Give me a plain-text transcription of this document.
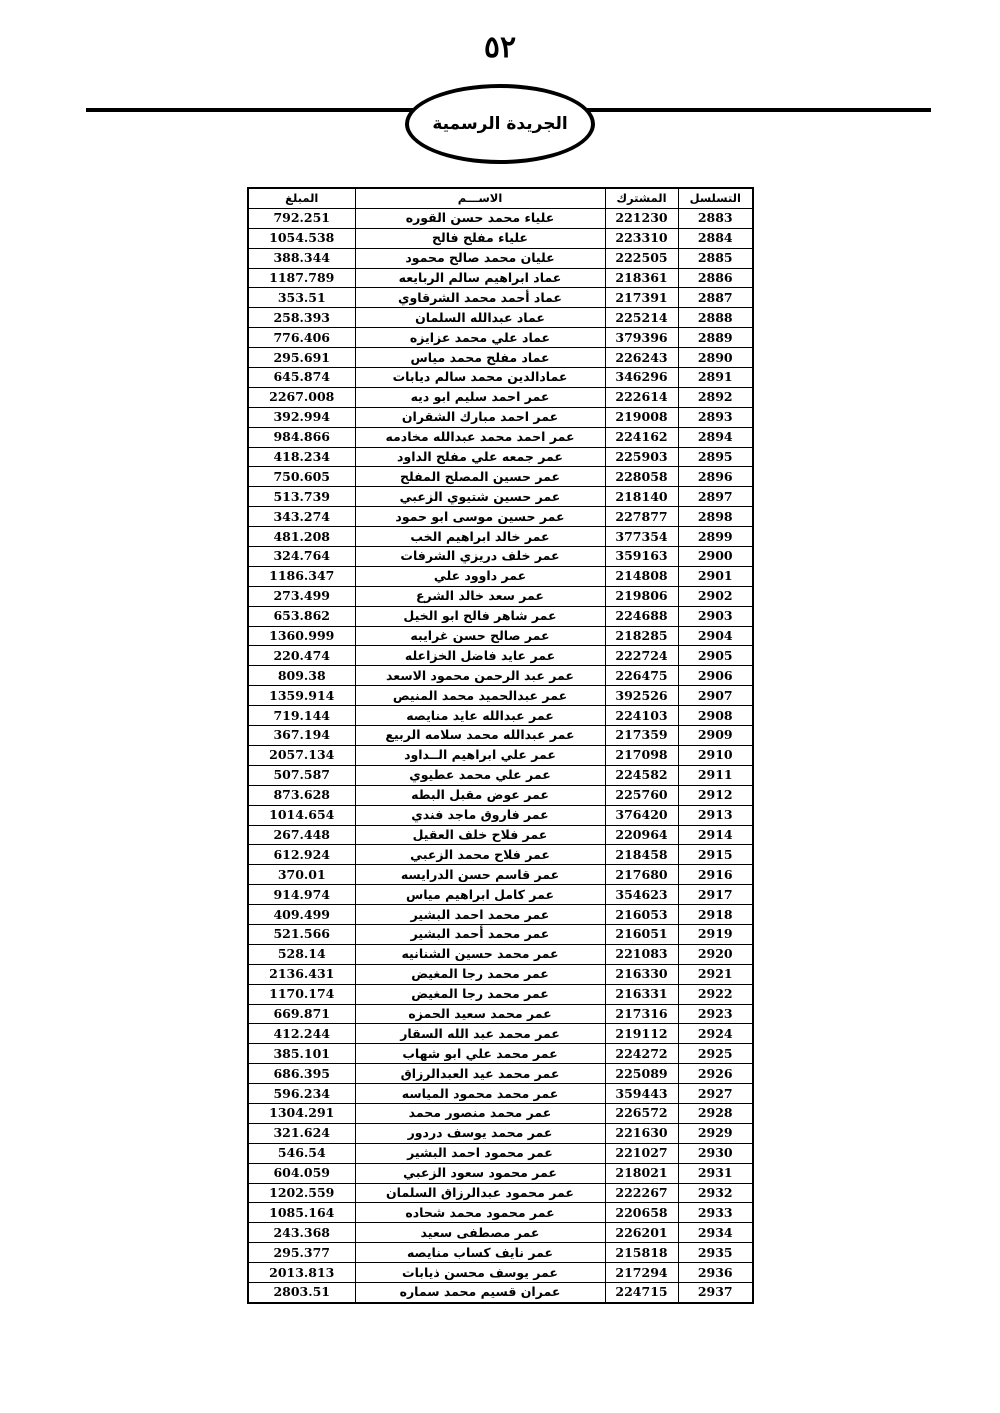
٥٢
الجريدة الرسمية
المبلغ	الاســـم	المشترك	التسلسل
792.251	علياء محمد حسن القوره	221230	2883
1054.538	علياء مفلح فالح	223310	2884
388.344	عليان محمد صالح محمود	222505	2885
1187.789	عماد ابراهيم سالم الربايعه	218361	2886
353.51	عماد أحمد محمد الشرقاوي	217391	2887
258.393	عماد عبدالله السلمان	225214	2888
776.406	عماد علي محمد عزايزه	379396	2889
295.691	عماد مفلح محمد مياس	226243	2890
645.874	عمادالدين محمد سالم ديابات	346296	2891
2267.008	عمر احمد سليم ابو ديه	222614	2892
392.994	عمر احمد مبارك الشقران	219008	2893
984.866	عمر احمد محمد عبدالله مخادمه	224162	2894
418.234	عمر جمعه علي مفلح الداود	225903	2895
750.605	عمر حسين المصلح المفلح	228058	2896
513.739	عمر حسين شتيوي الزعبي	218140	2897
343.274	عمر حسين موسى ابو حمود	227877	2898
481.208	عمر خالد ابراهيم الخب	377354	2899
324.764	عمر خلف دريزي الشرفات	359163	2900
1186.347	عمر داوود علي	214808	2901
273.499	عمر سعد خالد الشرع	219806	2902
653.862	عمر شاهر فالح ابو الخيل	224688	2903
1360.999	عمر صالح حسن غرايبه	218285	2904
220.474	عمر عايد فاضل الخزاعله	222724	2905
809.38	عمر عبد الرحمن محمود الاسعد	226475	2906
1359.914	عمر عبدالحميد محمد المنيص	392526	2907
719.144	عمر عبدالله عايد منايصه	224103	2908
367.194	عمر عبدالله محمد سلامه الربيع	217359	2909
2057.134	عمر علي ابراهيم الــداود	217098	2910
507.587	عمر علي محمد عطيوي	224582	2911
873.628	عمر عوض مقبل البطه	225760	2912
1014.654	عمر فاروق ماجد فندي	376420	2913
267.448	عمر فلاح خلف العقيل	220964	2914
612.924	عمر فلاح محمد الزعبي	218458	2915
370.01	عمر قاسم حسن الدرايسه	217680	2916
914.974	عمر كامل ابراهيم مياس	354623	2917
409.499	عمر محمد احمد البشير	216053	2918
521.566	عمر محمد أحمد البشير	216051	2919
528.14	عمر محمد حسين الشنانيه	221083	2920
2136.431	عمر محمد رجا المغيض	216330	2921
1170.174	عمر محمد رجا المغيض	216331	2922
669.871	عمر محمد سعيد الحمزه	217316	2923
412.244	عمر محمد عبد الله السقار	219112	2924
385.101	عمر محمد علي ابو شهاب	224272	2925
686.395	عمر محمد عيد العبدالرزاق	225089	2926
596.234	عمر محمد محمود المياسه	359443	2927
1304.291	عمر محمد منصور محمد	226572	2928
321.624	عمر محمد يوسف دردور	221630	2929
546.54	عمر محمود احمد البشير	221027	2930
604.059	عمر محمود سعود الزعبي	218021	2931
1202.559	عمر محمود عبدالرزاق السلمان	222267	2932
1085.164	عمر محمود محمد شحاده	220658	2933
243.368	عمر مصطفى سعيد	226201	2934
295.377	عمر نايف كساب منايصه	215818	2935
2013.813	عمر يوسف محسن ذيابات	217294	2936
2803.51	عمران قسيم محمد سماره	224715	2937
